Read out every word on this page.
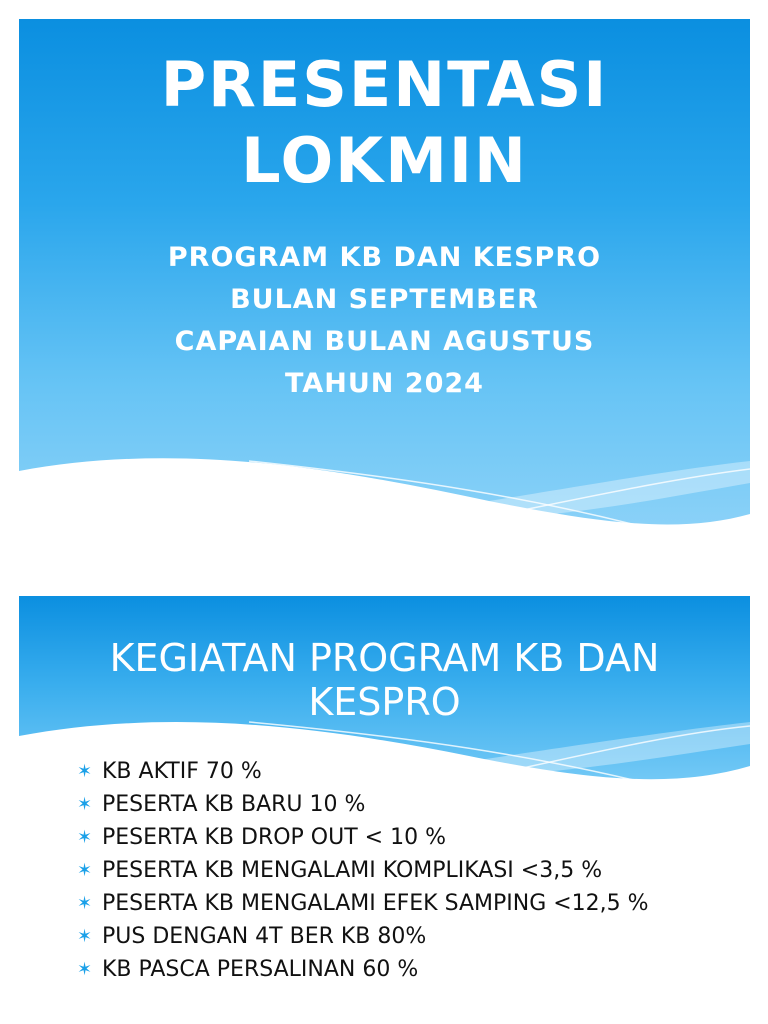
PRESENTASI
LOKMIN
PROGRAM KB DAN KESPRO
BULAN SEPTEMBER
CAPAIAN BULAN AGUSTUS
TAHUN 2024
KEGIATAN PROGRAM KB DAN
KESPRO
✶ KB AKTIF 70 %
✶ PESERTA KB BARU 10 %
✶ PESERTA KB DROP OUT < 10 %
✶ PESERTA KB MENGALAMI KOMPLIKASI <3,5 %
✶ PESERTA KB MENGALAMI EFEK SAMPING <12,5 %
✶ PUS DENGAN 4T BER KB 80%
✶ KB PASCA PERSALINAN 60 %
